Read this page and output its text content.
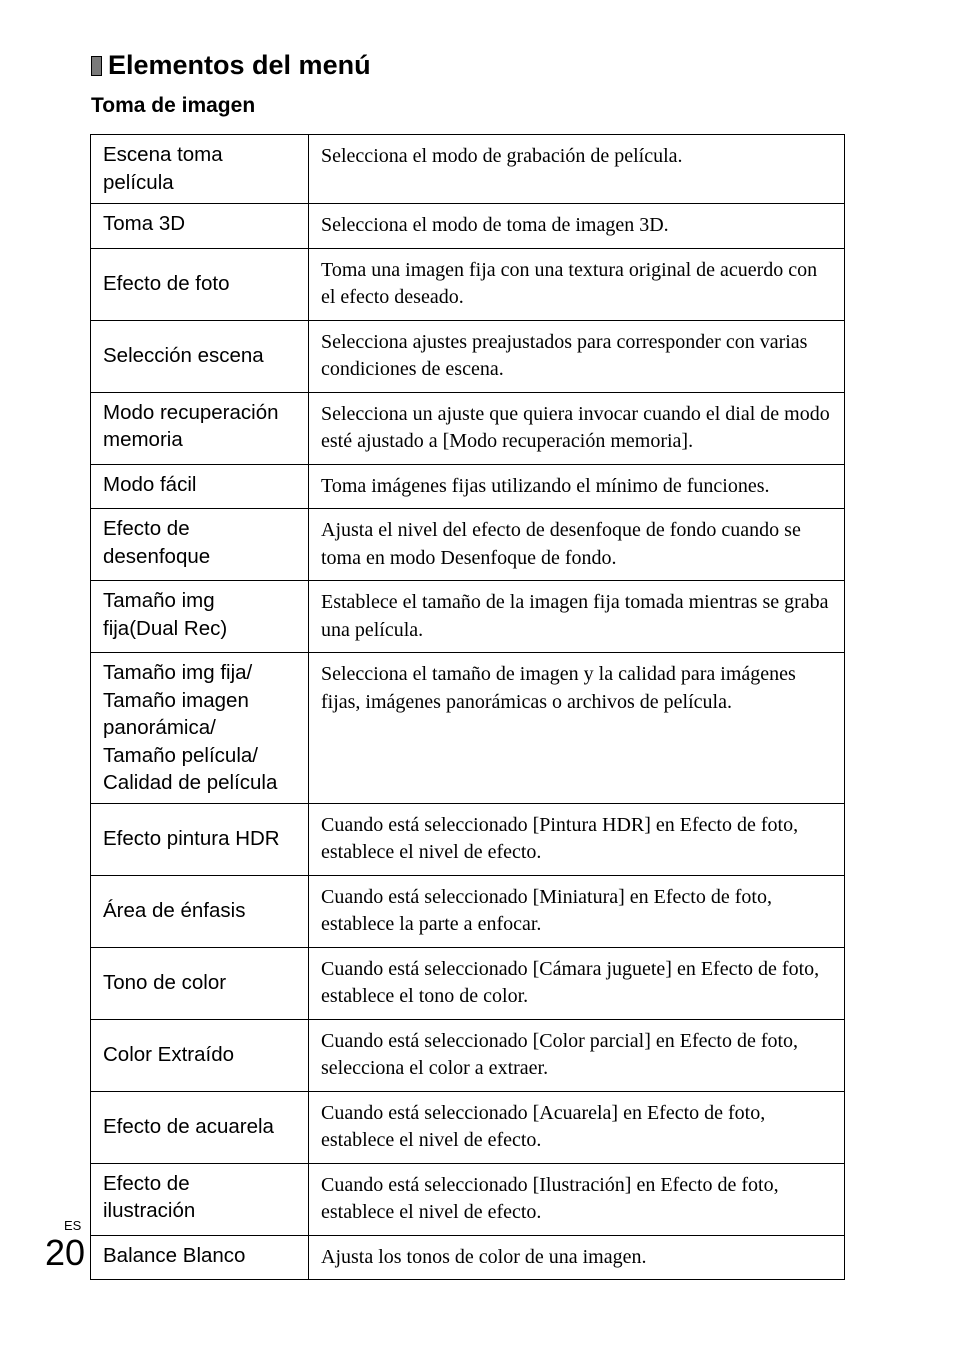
Elementos del menú
Toma de imagen
Escena toma
película	Selecciona el modo de grabación de película.
Toma 3D	Selecciona el modo de toma de imagen 3D.
Efecto de foto	Toma una imagen fija con una textura original de acuerdo con el efecto deseado.
Selección escena	Selecciona ajustes preajustados para corresponder con varias condiciones de escena.
Modo recuperación
memoria	Selecciona un ajuste que quiera invocar cuando el dial de modo esté ajustado a [Modo recuperación memoria].
Modo fácil	Toma imágenes fijas utilizando el mínimo de funciones.
Efecto de
desenfoque	Ajusta el nivel del efecto de desenfoque de fondo cuando se toma en modo Desenfoque de fondo.
Tamaño img
fija(Dual Rec)	Establece el tamaño de la imagen fija tomada mientras se graba una película.
Tamaño img fija/
Tamaño imagen
panorámica/
Tamaño película/
Calidad de película	Selecciona el tamaño de imagen y la calidad para imágenes fijas, imágenes panorámicas o archivos de película.
Efecto pintura HDR	Cuando está seleccionado [Pintura HDR] en Efecto de foto, establece el nivel de efecto.
Área de énfasis	Cuando está seleccionado [Miniatura] en Efecto de foto, establece la parte a enfocar.
Tono de color	Cuando está seleccionado [Cámara juguete] en Efecto de foto, establece el tono de color.
Color Extraído	Cuando está seleccionado [Color parcial] en Efecto de foto, selecciona el color a extraer.
Efecto de acuarela	Cuando está seleccionado [Acuarela] en Efecto de foto, establece el nivel de efecto.
Efecto de
ilustración	Cuando está seleccionado [Ilustración] en Efecto de foto, establece el nivel de efecto.
Balance Blanco	Ajusta los tonos de color de una imagen.
ES
20
